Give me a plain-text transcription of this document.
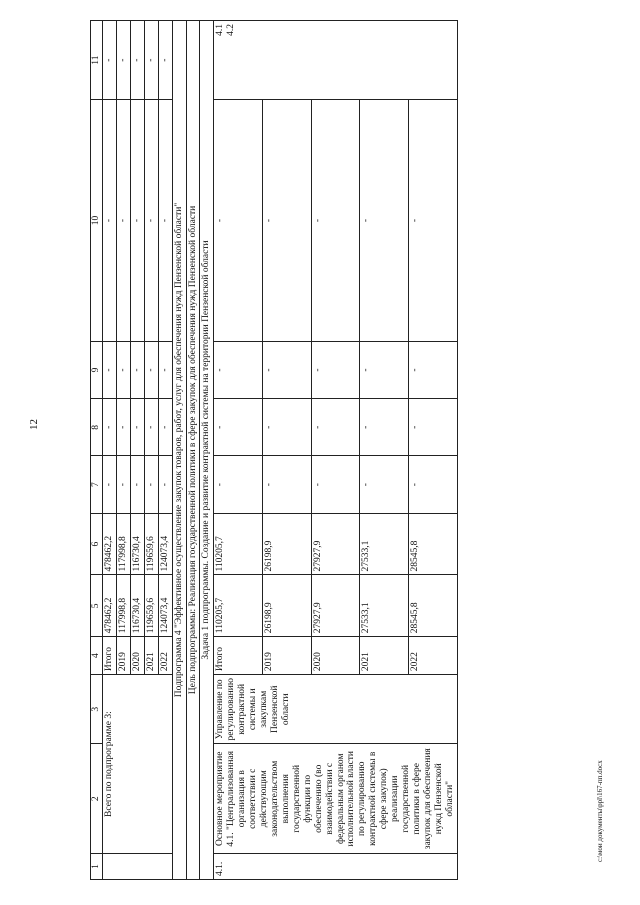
12
c:\мои документы\ppl\167-пп.docx
1	2	3	4	5	6	7	8	9	10	11
	Всего по подпрограмме 3:		Итого	478462,2	478462,2	-	-	-	-	-
			2019	117998,8	117998,8	-	-	-	-	-
			2020	116730,4	116730,4	-	-	-	-	-
			2021	119659,6	119659,6	-	-	-	-	-
			2022	124073,4	124073,4	-	-	-	-	-
Подпрограмма 4 "Эффективное осуществление закупок товаров, работ, услуг для обеспечения нужд Пензенской области"										
Цель подпрограммы: Реализация государственной политики в сфере закупок для обеспечения нужд Пензенской области										
Задача 1 подпрограммы. Создание и развитие контрактной системы на территории Пензенской области										
4.1.	Основное мероприятие 4.1. "Централизованная организация в соответствии с действующим законодательством выполнения государственной функции по обеспечению (во взаимодействии с федеральным органом исполнительной власти по регулированию контрактной системы в сфере закупок) реализации государственной политики в сфере закупок для обеспечения нужд Пензенской области"	Управление по регулированию контрактной системы и закупкам Пензенской области	Итого	110205,7	110205,7	-	-	-	-	4.1
4.2
			2019	26198,9	26198,9	-	-	-	-	
			2020	27927,9	27927,9	-	-	-	-	
			2021	27533,1	27533,1	-	-	-	-	
			2022	28545,8	28545,8	-	-	-	-	
